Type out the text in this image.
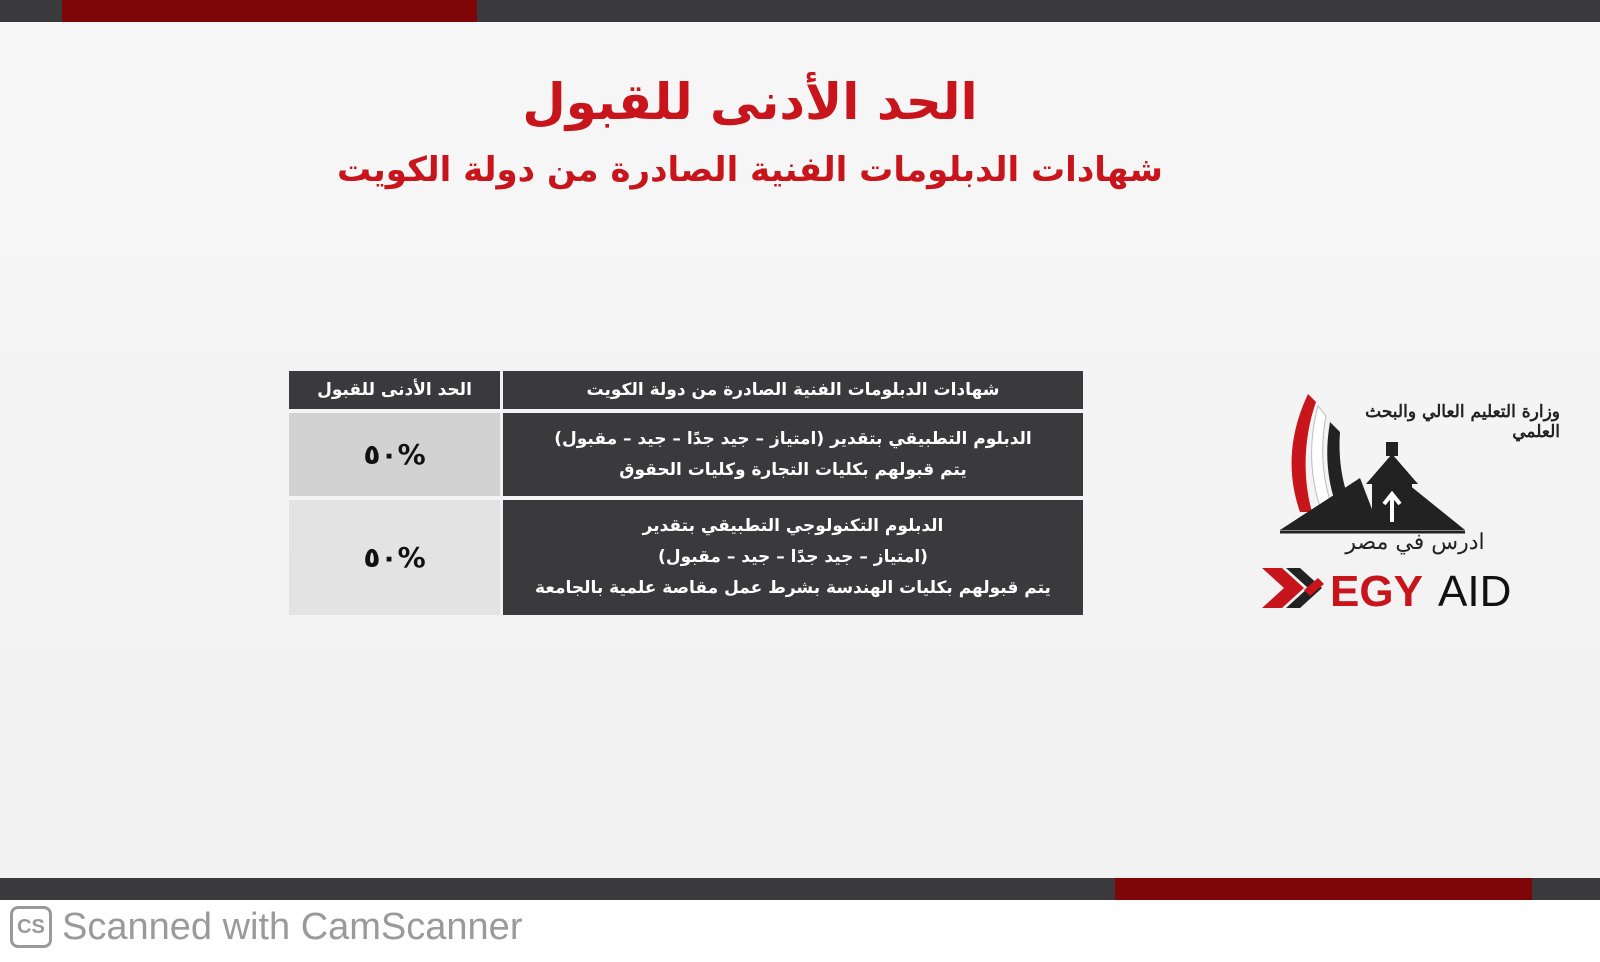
الحد الأدنى للقبول
شهادات الدبلومات الفنية الصادرة من دولة الكويت
شهادات الدبلومات الفنية الصادرة من دولة الكويت	الحد الأدنى للقبول

الدبلوم التطبيقي بتقدير (امتياز – جيد جدًا – جيد – مقبول)
يتم قبولهم بكليات التجارة وكليات الحقوق	%٥٠

الدبلوم التكنولوجي التطبيقي بتقدير
(امتياز – جيد جدًا – جيد – مقبول)
يتم قبولهم بكليات الهندسة بشرط عمل مقاصة علمية بالجامعة	%٥٠
وزارة التعليم العالي والبحث العلمي
ادرس في مصر
EGY AID
CS Scanned with CamScanner
